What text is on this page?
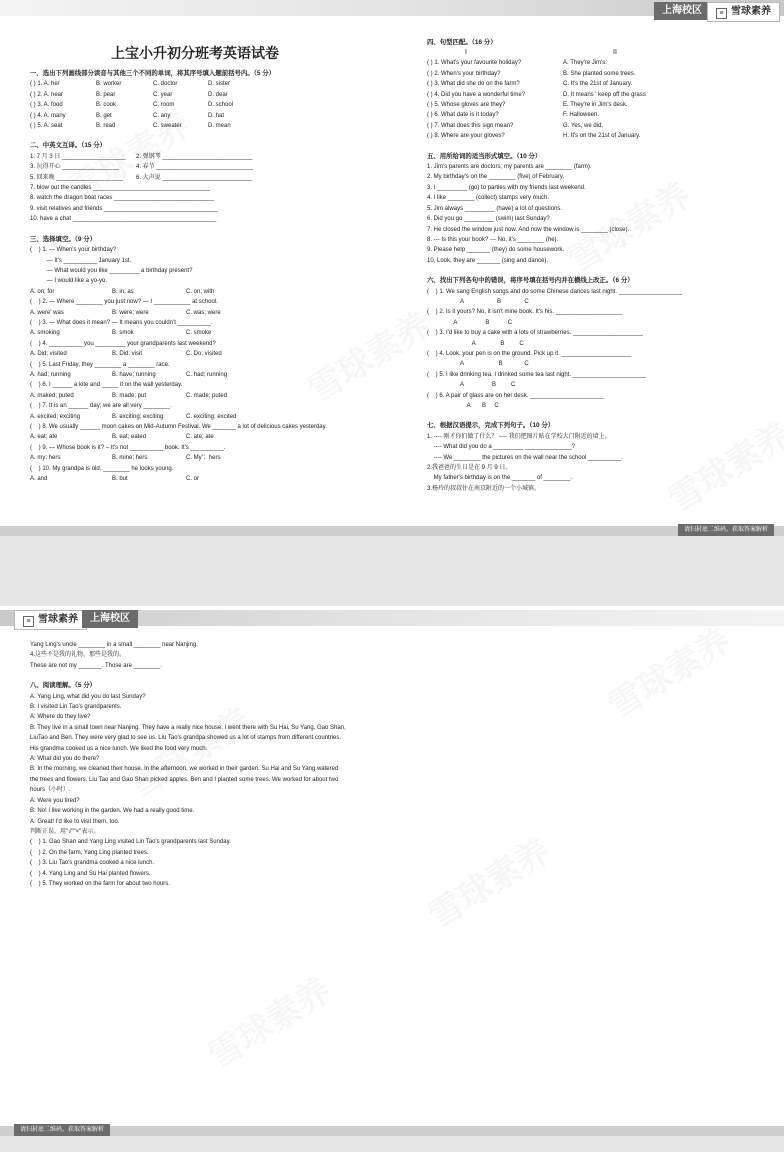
上海校区	≡ 雪球素养
上宝小升初分班考英语试卷
一、选出下列画线部分读音与其他三个不同的单词，将其序号填入题前括号内。（5 分）
( ) 1. A. her	B. worker	C. doctor	D. sister
( ) 2. A. near	B. pear	C. year	D. dear
( ) 3. A. food	B. cook	C. room	D. school
( ) 4. A. many	B. get	C. any	D. hat
( ) 5. A. seat	B. read	C. sweater	D. mean
二、中英文互译。（15 分）
1. 7 月 3 日 ___________________	2. 弹钢琴 ___________________________
3. 玩得开心 _________________	4. 春节 _____________________________
5. 回来晚 ____________________	6. 大声说 ___________________________
7. blow out the candles ___________________________________
8. watch the dragon boat races ______________________________
9. visit relatives and friends __________________________________
10. have a chat ___________________________________________
三、选择填空。（9 分）
(    ) 1. — When's your birthday?
— It's __________ January 1st.
— What would you like _________ a birthday present?
— I would like a yo-yo.
A. on; for	B. in; as	C. on; with
(    ) 2. — Where ________ you just now? — I ___________ at school.
A. were' was	B. were; were	C. was; were
(    ) 3. — What does it mean? — It means you couldn't __________.
A. smoking	B. smok	C. smoke
(    ) 4. __________ you _________ your grandparents last weekend?
A. Did; visited	B. Did; visit	C. Do; visited
(    ) 5. Last Friday, they ________ a ________ race.
A. had; running	B. have; running	C. had; running
(    ) 6. I ______ a kite and _____ it on the wall yesterday.
A. maked; puted	B. made; put	C. made; puted
(    ) 7. It is an ______ day; we are all very ________.
A. excited; exciting	B. exciting; exciting	C. exciting; excited
(    ) 8. We usually ______ moon cakes on Mid-Autumn Festival. We _______ a lot of delicious cakes yesterday.
A. eat; ate	B. eat; eated	C. ate; ate
(    ) 9. — Whose book is it? – It's not __________ book. It's __________.
A. my; hers	B. mine; hers	C. My'；hers
(    ) 10. My grandpa is old, ________ he looks young.
A. and	B. but	C. or
四、句型匹配。（16 分）
I	II
( ) 1. What's your favourite holiday?	A. They're Jim's.
( ) 2. When's your birthday?	B. She planted some trees.
( ) 3. What did she do on the farm?	C. It's the 21st of January.
( ) 4. Did you have a wonderful time?	D. It means ' keep off the grass
( ) 5. Whose gloves are they?	E. They're in Jim's desk.
( ) 6. What date is it today?	F. Halloween.
( ) 7. What does this sign mean?	G. Yes, we did.
( ) 8. Where are your gloves?	H. It's on the 21st of January.
五、用所给词的适当形式填空。（10 分）
1. Jim's parents are doctors; my parents are ________ (farm).
2. My birthday's on the ________ (five) of February.
3. I _________ (go) to parties with my friends last weekend.
4. I like ________ (collect) stamps very much.
5. Jim always _________ (have) a lot of questions.
6. Did you go _________ (swim) last Sunday?
7. He closed the window just now. And now the window is ________ (close).
8. --- Is this your book? --- No, it's ________ (he).
9. Please help _______ (they) do some housework.
10. Look, they are _______ (sing and dance).
六、找出下列各句中的错误，将序号填在括号内并在横线上改正。（6 分）
(    ) 1. We sang English songs and do some Chinese dances last night. ___________________
A                    B              C
(    ) 2. Is it yours? No, it isn't mine book. It's his. ____________________
A                 B           C
(    ) 3. I'd like to buy a cake with a lots of strawberries. _____________________
A               B         C
(    ) 4. Look, your pen is on the ground. Pick up it. _____________________
A                     B             C
(    ) 5. I like drinking tea. I drinked some tea last night. ______________________
A                 B         C
(    ) 6. A pair of glass are on her desk. ______________________
A       B     C
七、根据汉语提示，完成下列句子。（10 分）
1. ---- 刚才你们做了什么？ ---- 我们把图片贴在学校大门附近的墙上。
---- What did you do a _________ ______________?
---- We ________ the pictures on the wall near the school __________.
2.我爸爸的生日是在 9 月 9 日。
My father's birthday is on the _______ of ________.
3.杨玲的叔叔住在南京附近的一个小城镇。
请扫封底二维码，获取答案解析
≡ 雪球素养	上海校区
Yang Ling's uncle ________ in a small ________ near Nanjing.
4.这些不是我的礼物，那些是我的。
These are not my _______. Those are ________.
八、阅读理解。（5 分）
A: Yang Ling, what did you do last Sunday?
B: I visited Lin Tao's grandparents.
A: Where do they live?
B: They live in a small town near Nanjing. They have a really nice house. I went there with Su Hai, Su Yang, Gao Shan,
LiuTao and Ben. They were very glad to see us. Liu Tao's grandpa showed us a lot of stamps from different countries.
His grandma cooked us a nice lunch. We liked the food very much.
A: What did you do there?
B: In the morning, we cleaned their house. In the afternoon, we worked in their garden. Su Hai and Su Yang watered
the trees and flowers. Liu Tao and Gao Shan picked apples. Ben and I planted some trees. We worked for about two
hours（小时）.
A: Were you tired?
B: No! I like working in the garden. We had a really good time.
A: Great! I'd like to visit them, too.
判断正误，用"√""×"表示。
(    ) 1. Gao Shan and Yang Ling visited Lin Tao's grandparents last Sunday.
(    ) 2. On the farm, Yang Ling planted trees.
(    ) 3. Liu Tao's grandma cooked a nice lunch.
(    ) 4. Yang Ling and Su Hai planted flowers.
(    ) 5. They worked on the farm for about two hours.
请扫封底二维码，获取答案解析
